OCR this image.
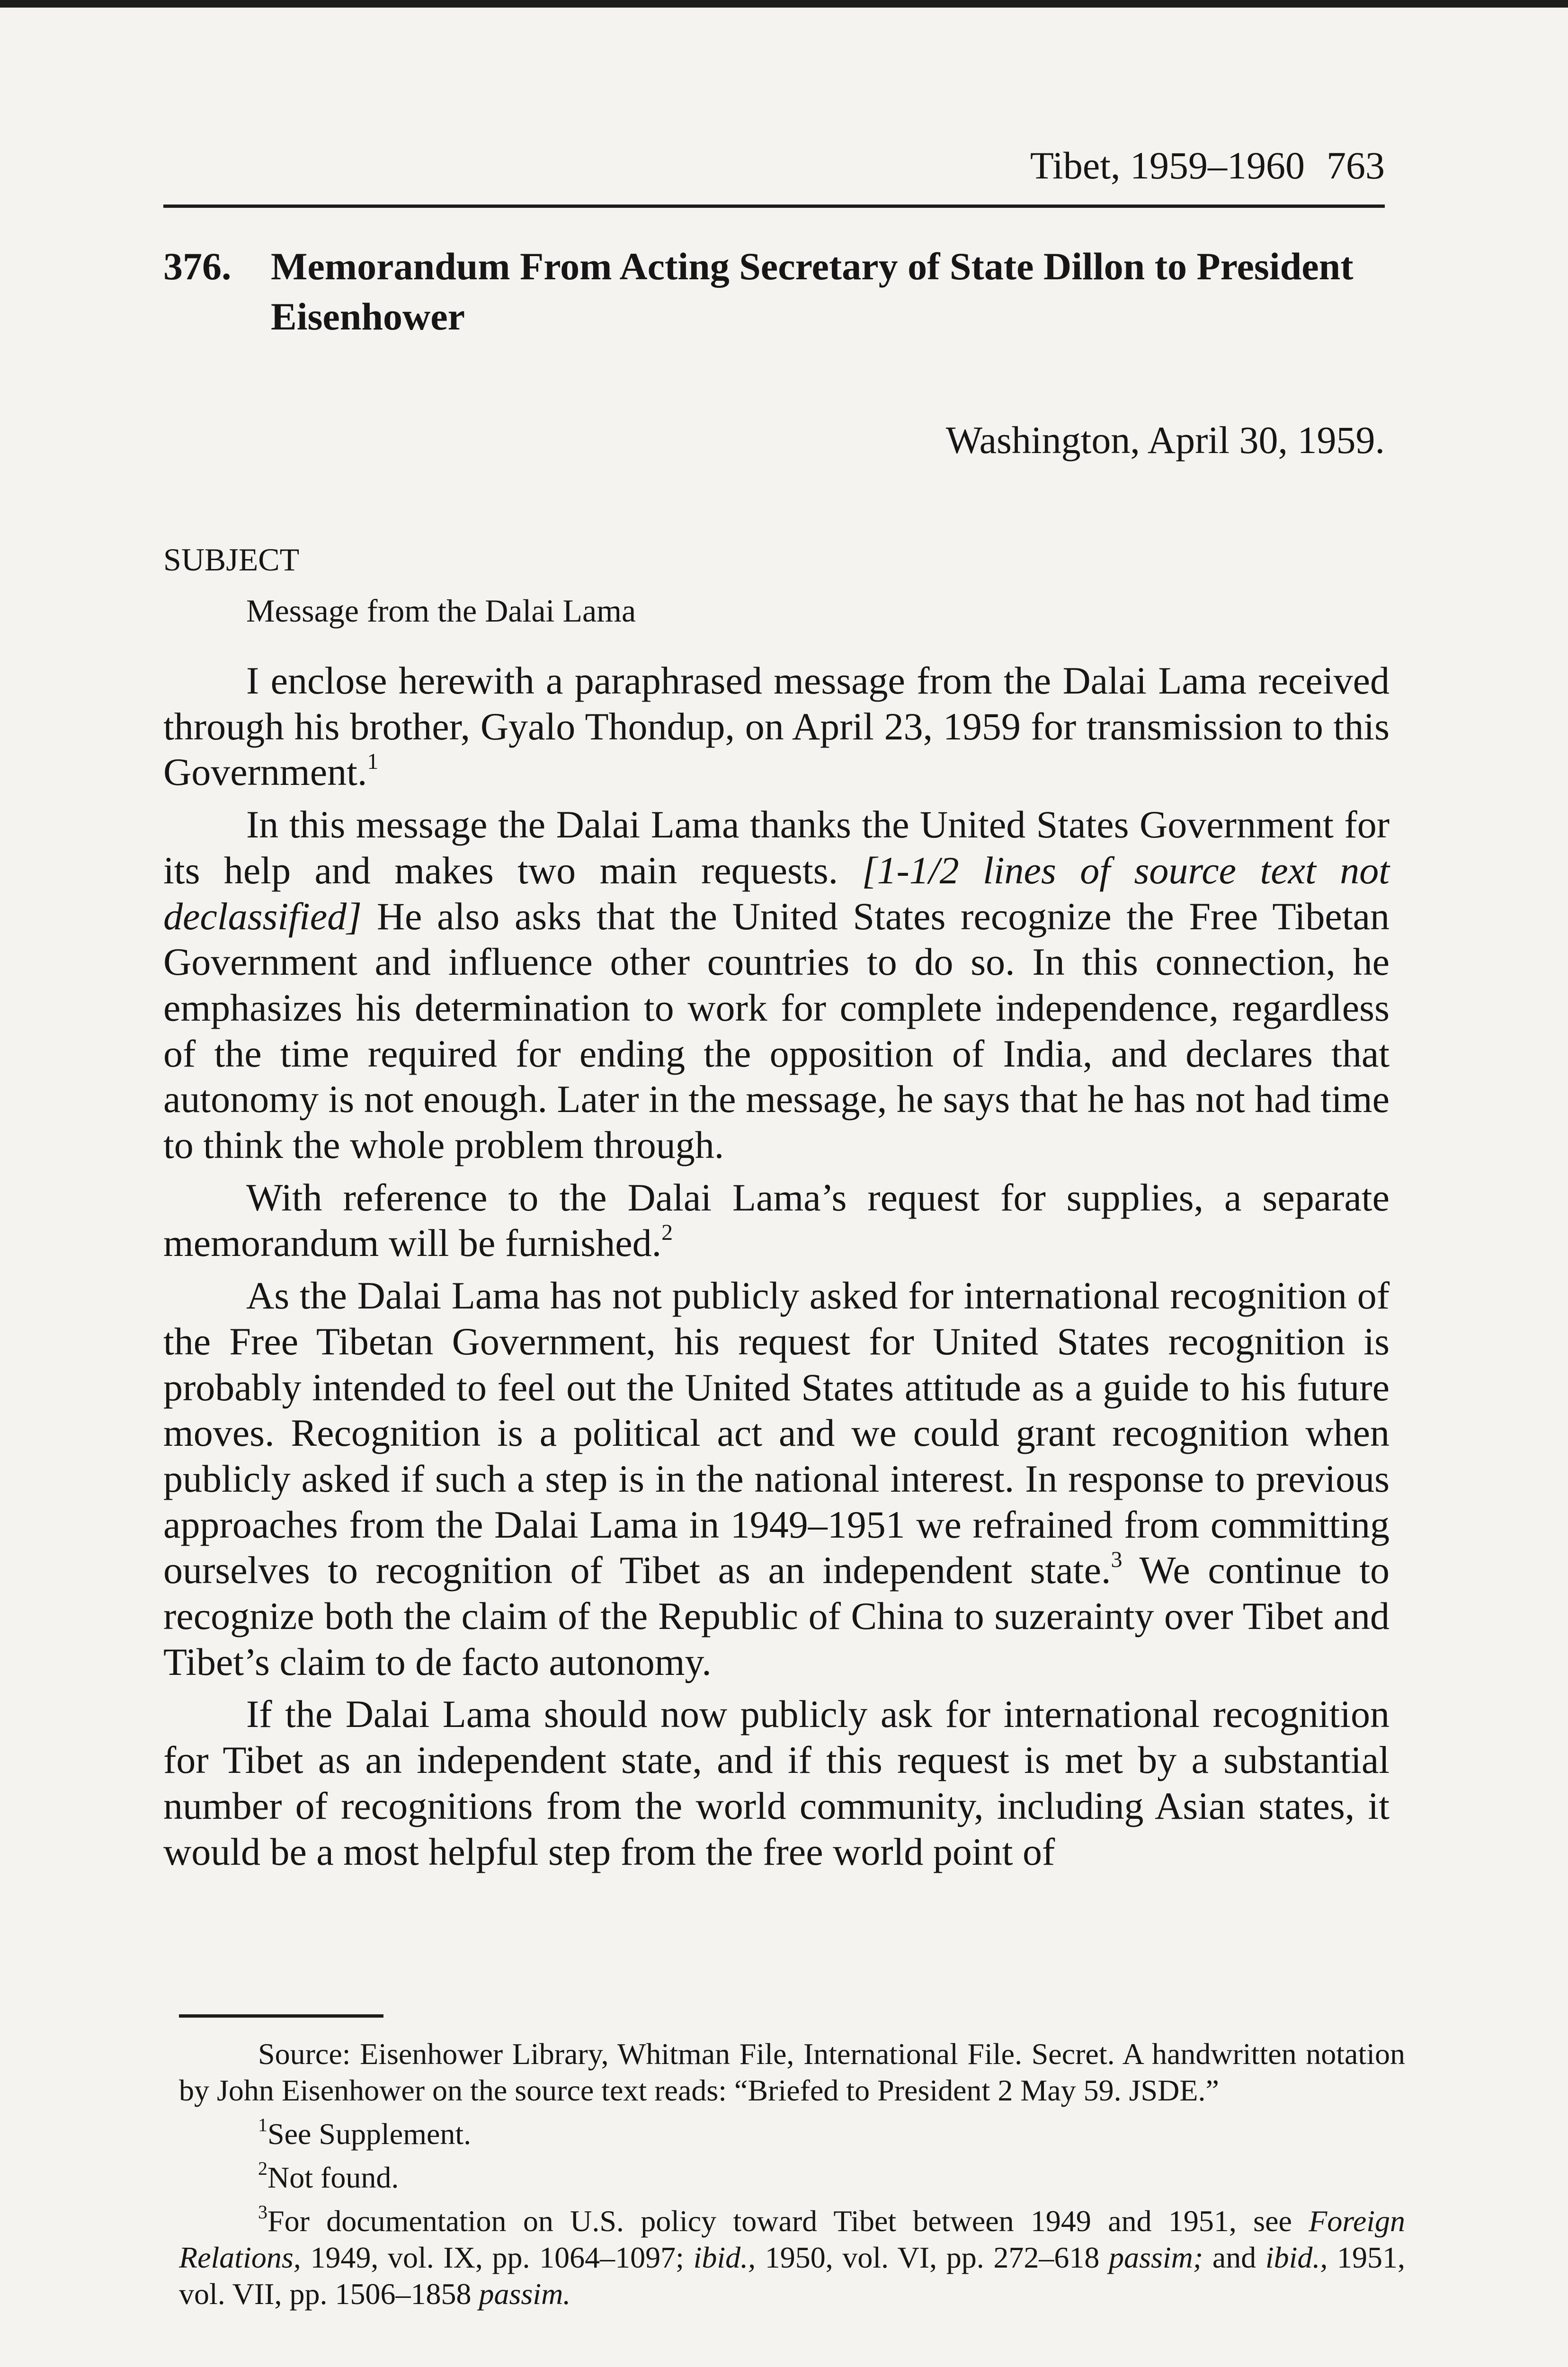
Tibet, 1959–1960 763
376. Memorandum From Acting Secretary of State Dillon to President Eisenhower
Washington, April 30, 1959.
SUBJECT
Message from the Dalai Lama

I enclose herewith a paraphrased message from the Dalai Lama received through his brother, Gyalo Thondup, on April 23, 1959 for transmission to this Government.$^1$

In this message the Dalai Lama thanks the United States Government for its help and makes two main requests. [1-1/2 lines of source text not declassified] He also asks that the United States recognize the Free Tibetan Government and influence other countries to do so. In this connection, he emphasizes his determination to work for complete independence, regardless of the time required for ending the opposition of India, and declares that autonomy is not enough. Later in the message, he says that he has not had time to think the whole problem through.

With reference to the Dalai Lama’s request for supplies, a separate memorandum will be furnished.$^2$

As the Dalai Lama has not publicly asked for international recognition of the Free Tibetan Government, his request for United States recognition is probably intended to feel out the United States attitude as a guide to his future moves. Recognition is a political act and we could grant recognition when publicly asked if such a step is in the national interest. In response to previous approaches from the Dalai Lama in 1949–1951 we refrained from committing ourselves to recognition of Tibet as an independent state.$^3$ We continue to recognize both the claim of the Republic of China to suzerainty over Tibet and Tibet’s claim to de facto autonomy.

If the Dalai Lama should now publicly ask for international recognition for Tibet as an independent state, and if this request is met by a substantial number of recognitions from the world community, including Asian states, it would be a most helpful step from the free world point of

Source: Eisenhower Library, Whitman File, International File. Secret. A handwritten notation by John Eisenhower on the source text reads: “Briefed to President 2 May 59. JSDE.”

$^1$See Supplement.

$^2$Not found.

$^3$For documentation on U.S. policy toward Tibet between 1949 and 1951, see Foreign Relations, 1949, vol. IX, pp. 1064–1097; ibid., 1950, vol. VI, pp. 272–618 passim; and ibid., 1951, vol. VII, pp. 1506–1858 passim.
